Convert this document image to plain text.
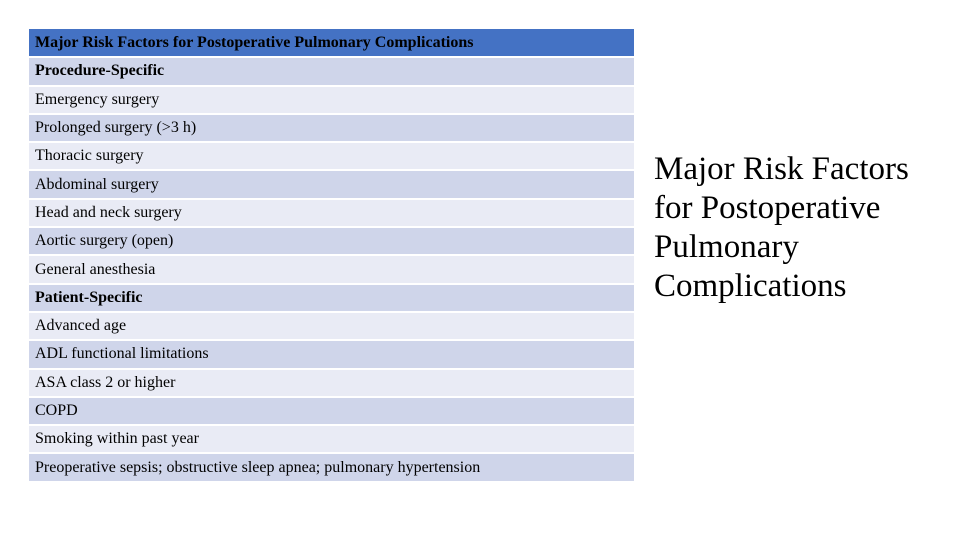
Major Risk Factors for Postoperative Pulmonary Complications
Procedure-Specific
Emergency surgery
Prolonged surgery (>3 h)
Thoracic surgery
Abdominal surgery
Head and neck surgery
Aortic surgery (open)
General anesthesia
Patient-Specific
Advanced age
ADL functional limitations
ASA class 2 or higher
COPD
Smoking within past year
Preoperative sepsis; obstructive sleep apnea; pulmonary hypertension
Major Risk Factors for Postoperative Pulmonary Complications
